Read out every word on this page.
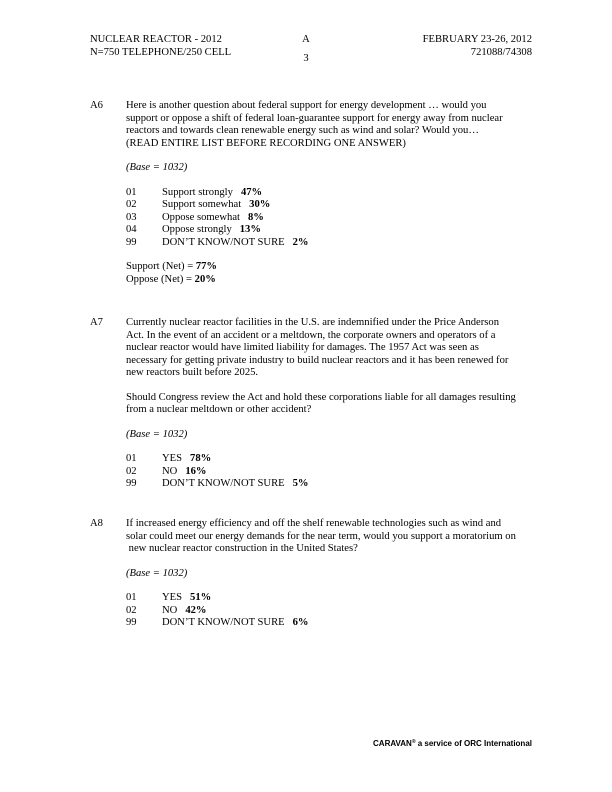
NUCLEAR REACTOR - 2012
N=750 TELEPHONE/250 CELL
A
3
FEBRUARY 23-26, 2012
721088/74308
A6 Here is another question about federal support for energy development … would you
support or oppose a shift of federal loan-guarantee support for energy away from nuclear
reactors and towards clean renewable energy such as wind and solar? Would you…
(READ ENTIRE LIST BEFORE RECORDING ONE ANSWER)

(Base = 1032)

01 Support strongly 47%
02 Support somewhat 30%
03 Oppose somewhat 8%
04 Oppose strongly 13%
99 DON’T KNOW/NOT SURE 2%
Support (Net) = 77%
Oppose (Net) = 20%
A7 Currently nuclear reactor facilities in the U.S. are indemnified under the Price Anderson
Act. In the event of an accident or a meltdown, the corporate owners and operators of a
nuclear reactor would have limited liability for damages. The 1957 Act was seen as
necessary for getting private industry to build nuclear reactors and it has been renewed for
new reactors built before 2025.
Should Congress review the Act and hold these corporations liable for all damages resulting
from a nuclear meltdown or other accident?

(Base = 1032)

01 YES 78%
02 NO 16%
99 DON’T KNOW/NOT SURE 5%
A8 If increased energy efficiency and off the shelf renewable technologies such as wind and
solar could meet our energy demands for the near term, would you support a moratorium on
new nuclear reactor construction in the United States?

(Base = 1032)

01 YES 51%
02 NO 42%
99 DON’T KNOW/NOT SURE 6%
CARAVAN® a service of ORC International
